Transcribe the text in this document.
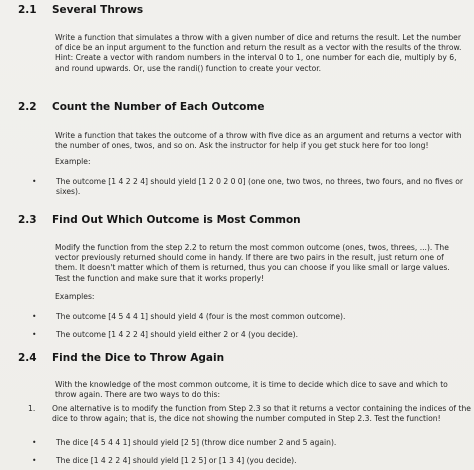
2.1 Several Throws
Write a function that simulates a throw with a given number of dice and returns the result. Let the number of dice be an input argument to the function and return the result as a vector with the results of the throw. Hint: Create a vector with random numbers in the interval 0 to 1, one number for each die, multiply by 6, and round upwards. Or, use the randi() function to create your vector.
2.2 Count the Number of Each Outcome
Write a function that takes the outcome of a throw with five dice as an argument and returns a vector with the number of ones, twos, and so on. Ask the instructor for help if you get stuck here for too long!
Example:
•	The outcome [1 4 2 2 4] should yield [1 2 0 2 0 0] (one one, two twos, no threes, two fours, and no fives or sixes).
2.3 Find Out Which Outcome is Most Common
Modify the function from the step 2.2 to return the most common outcome (ones, twos, threes, ...). The vector previously returned should come in handy. If there are two pairs in the result, just return one of them. It doesn't matter which of them is returned, thus you can choose if you like small or large values. Test the function and make sure that it works properly!
Examples:
•	The outcome [4 5 4 4 1] should yield 4 (four is the most common outcome).
•	The outcome [1 4 2 2 4] should yield either 2 or 4 (you decide).
2.4 Find the Dice to Throw Again
With the knowledge of the most common outcome, it is time to decide which dice to save and which to throw again. There are two ways to do this:
1. One alternative is to modify the function from Step 2.3 so that it returns a vector containing the indices of the dice to throw again; that is, the dice not showing the number computed in Step 2.3. Test the function!
•	The dice [4 5 4 4 1] should yield [2 5] (throw dice number 2 and 5 again).
•	The dice [1 4 2 2 4] should yield [1 2 5] or [1 3 4] (you decide).
